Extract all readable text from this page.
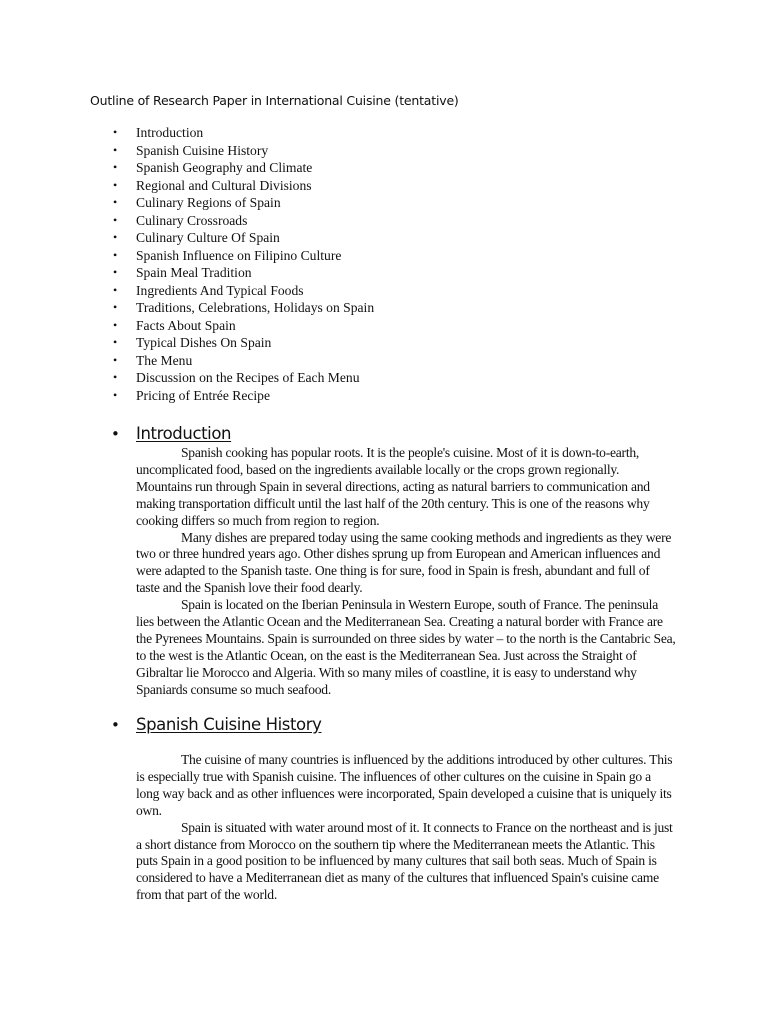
Outline of Research Paper in International Cuisine (tentative)
• Introduction
• Spanish Cuisine History
• Spanish Geography and Climate
• Regional and Cultural Divisions
• Culinary Regions of Spain
• Culinary Crossroads
• Culinary Culture Of Spain
• Spanish Influence on Filipino Culture
• Spain Meal Tradition
• Ingredients And Typical Foods
• Traditions, Celebrations, Holidays on Spain
• Facts About Spain
• Typical Dishes On Spain
• The Menu
• Discussion on the Recipes of Each Menu
• Pricing of Entrée Recipe
• Introduction

Spanish cooking has popular roots. It is the people's cuisine. Most of it is down-to-earth, uncomplicated food, based on the ingredients available locally or the crops grown regionally. Mountains run through Spain in several directions, acting as natural barriers to communication and making transportation difficult until the last half of the 20th century. This is one of the reasons why cooking differs so much from region to region.

Many dishes are prepared today using the same cooking methods and ingredients as they were two or three hundred years ago. Other dishes sprung up from European and American influences and were adapted to the Spanish taste. One thing is for sure, food in Spain is fresh, abundant and full of taste and the Spanish love their food dearly.

Spain is located on the Iberian Peninsula in Western Europe, south of France. The peninsula lies between the Atlantic Ocean and the Mediterranean Sea. Creating a natural border with France are the Pyrenees Mountains. Spain is surrounded on three sides by water – to the north is the Cantabric Sea, to the west is the Atlantic Ocean, on the east is the Mediterranean Sea. Just across the Straight of Gibraltar lie Morocco and Algeria. With so many miles of coastline, it is easy to understand why Spaniards consume so much seafood.

• Spanish Cuisine History

The cuisine of many countries is influenced by the additions introduced by other cultures. This is especially true with Spanish cuisine. The influences of other cultures on the cuisine in Spain go a long way back and as other influences were incorporated, Spain developed a cuisine that is uniquely its own.

Spain is situated with water around most of it. It connects to France on the northeast and is just a short distance from Morocco on the southern tip where the Mediterranean meets the Atlantic. This puts Spain in a good position to be influenced by many cultures that sail both seas. Much of Spain is considered to have a Mediterranean diet as many of the cultures that influenced Spain's cuisine came from that part of the world.
